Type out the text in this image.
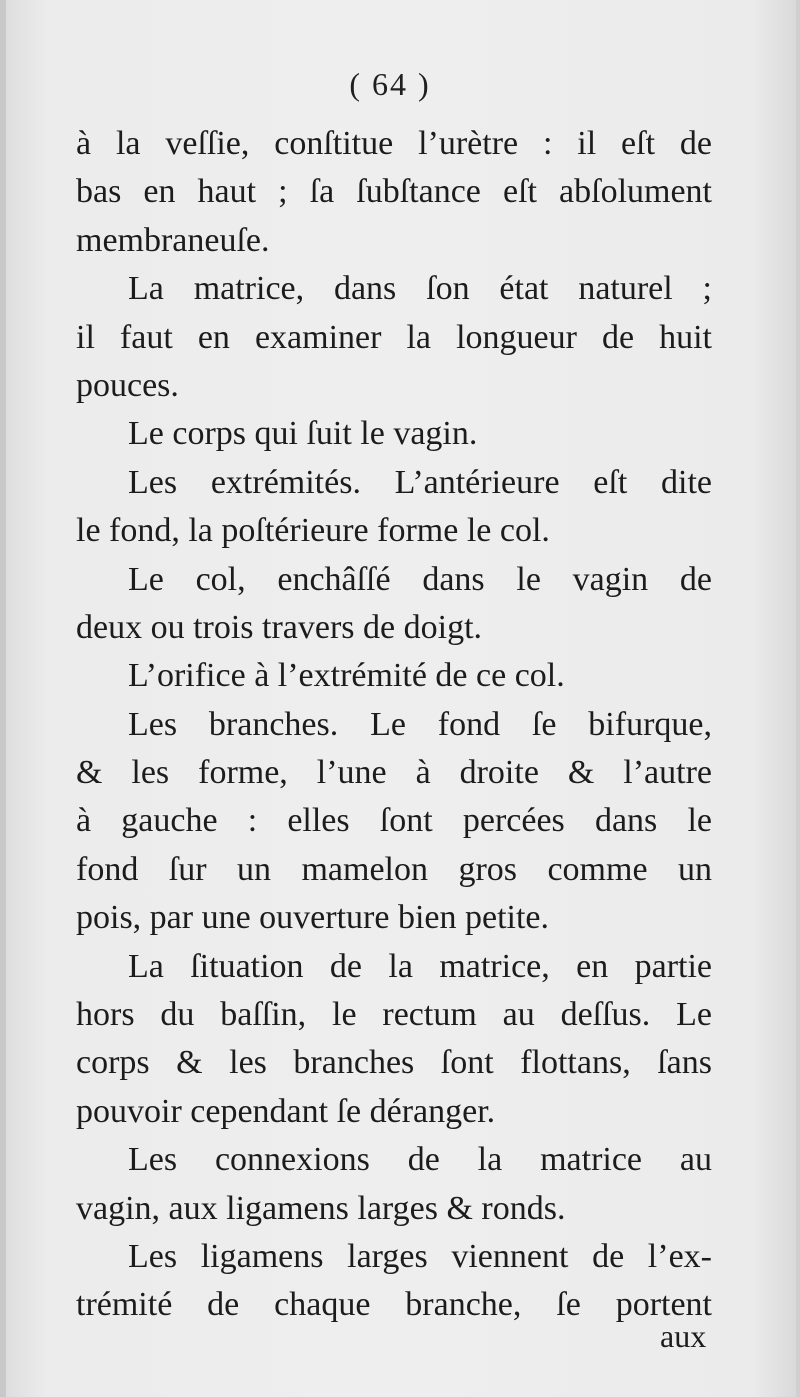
( 64 )
à la veſſie, conſtitue l’urètre : il eſt de
bas en haut ; ſa ſubſtance eſt abſolument
membraneuſe.
La matrice, dans ſon état naturel ;
il faut en examiner la longueur de huit
pouces.
Le corps qui ſuit le vagin.
Les extrémités. L’antérieure eſt dite
le fond, la poſtérieure forme le col.
Le col, enchâſſé dans le vagin de
deux ou trois travers de doigt.
L’orifice à l’extrémité de ce col.
Les branches. Le fond ſe bifurque,
& les forme, l’une à droite & l’autre
à gauche : elles ſont percées dans le
fond ſur un mamelon gros comme un
pois, par une ouverture bien petite.
La ſituation de la matrice, en partie
hors du baſſin, le rectum au deſſus. Le
corps & les branches ſont flottans, ſans
pouvoir cependant ſe déranger.
Les connexions de la matrice au
vagin, aux ligamens larges & ronds.
Les ligamens larges viennent de l’ex-
trémité de chaque branche, ſe portent
aux
